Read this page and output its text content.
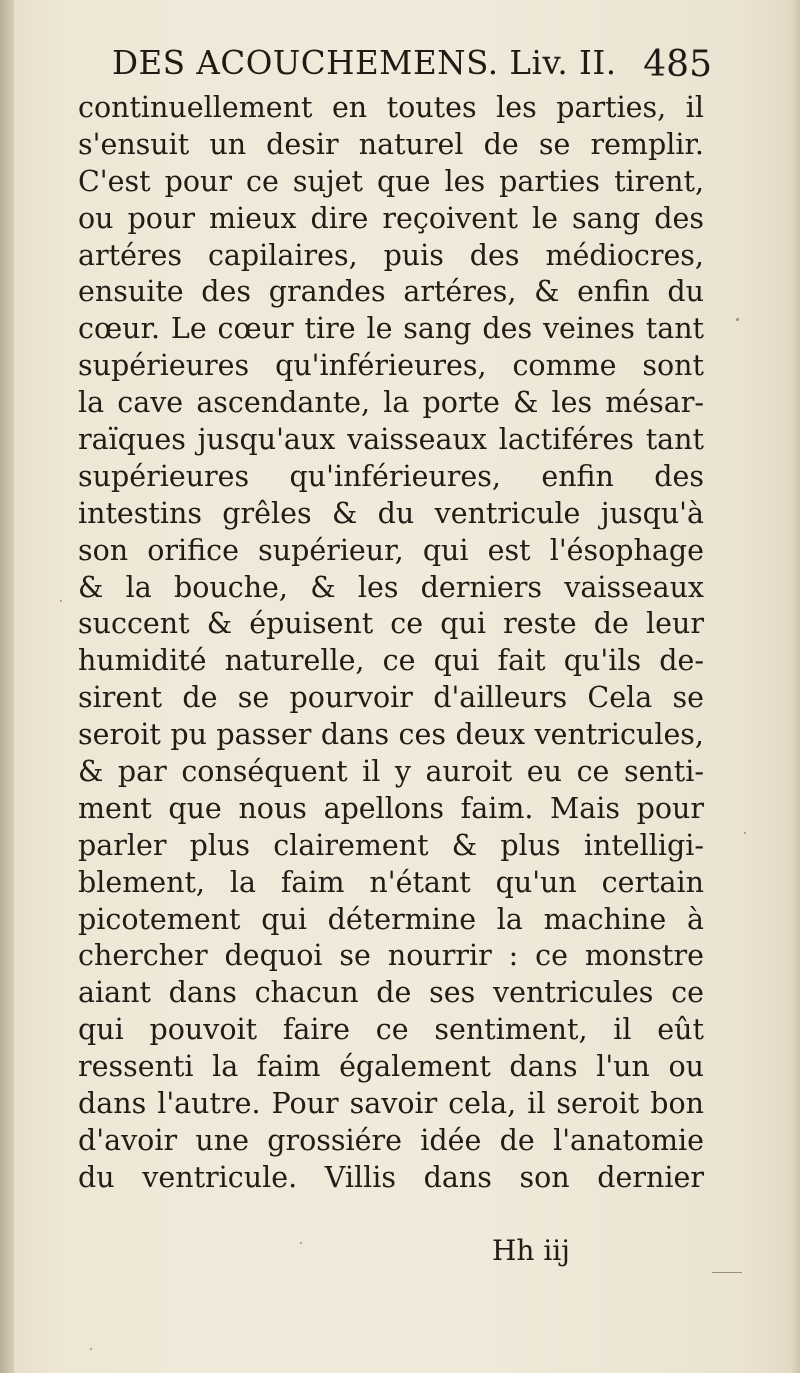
DES ACOUCHEMENS. Liv. II. 485
continuellement en toutes les parties, il
s'ensuit un desir naturel de se remplir.
C'est pour ce sujet que les parties tirent,
ou pour mieux dire reçoivent le sang des
artéres capilaires, puis des médiocres,
ensuite des grandes artéres, & enfin du
cœur. Le cœur tire le sang des veines tant
supérieures qu'inférieures, comme sont
la cave ascendante, la porte & les mésar-
raïques jusqu'aux vaisseaux lactiféres tant
supérieures qu'inférieures, enfin des
intestins grêles & du ventricule jusqu'à
son orifice supérieur, qui est l'ésophage
& la bouche, & les derniers vaisseaux
succent & épuisent ce qui reste de leur
humidité naturelle, ce qui fait qu'ils de-
sirent de se pourvoir d'ailleurs Cela se
seroit pu passer dans ces deux ventricules,
& par conséquent il y auroit eu ce senti-
ment que nous apellons faim. Mais pour
parler plus clairement & plus intelligi-
blement, la faim n'étant qu'un certain
picotement qui détermine la machine à
chercher dequoi se nourrir : ce monstre
aiant dans chacun de ses ventricules ce
qui pouvoit faire ce sentiment, il eût
ressenti la faim également dans l'un ou
dans l'autre. Pour savoir cela, il seroit bon
d'avoir une grossiére idée de l'anatomie
du ventricule. Villis dans son dernier
Hh iij
